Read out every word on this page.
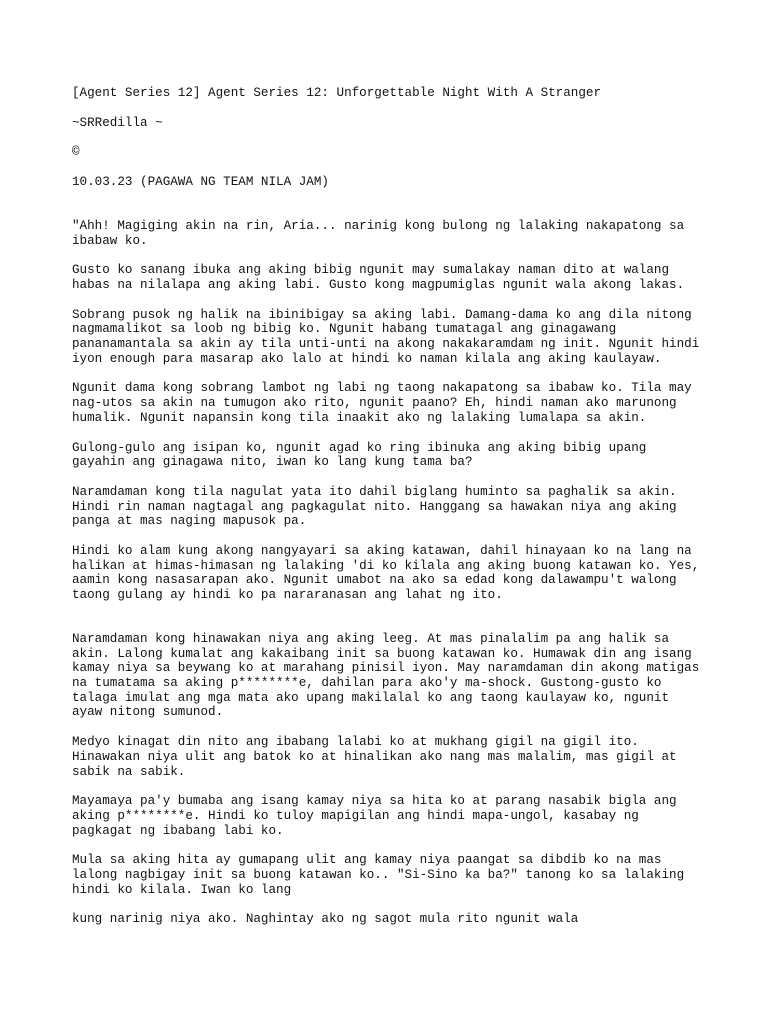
[Agent Series 12] Agent Series 12: Unforgettable Night With A Stranger

~SRRedilla ~

©

10.03.23 (PAGAWA NG TEAM NILA JAM)

"Ahh! Magiging akin na rin, Aria... narinig kong bulong ng lalaking nakapatong sa

ibabaw ko.

Gusto ko sanang ibuka ang aking bibig ngunit may sumalakay naman dito at walang

habas na nilalapa ang aking labi. Gusto kong magpumiglas ngunit wala akong lakas.

Sobrang pusok ng halik na ibinibigay sa aking labi. Damang-dama ko ang dila nitong

nagmamalikot sa loob ng bibig ko. Ngunit habang tumatagal ang ginagawang

pananamantala sa akin ay tila unti-unti na akong nakakaramdam ng init. Ngunit hindi

iyon enough para masarap ako lalo at hindi ko naman kilala ang aking kaulayaw.

Ngunit dama kong sobrang lambot ng labi ng taong nakapatong sa ibabaw ko. Tila may

nag-utos sa akin na tumugon ako rito, ngunit paano? Eh, hindi naman ako marunong

humalik. Ngunit napansin kong tila inaakit ako ng lalaking lumalapa sa akin.

Gulong-gulo ang isipan ko, ngunit agad ko ring ibinuka ang aking bibig upang

gayahin ang ginagawa nito, iwan ko lang kung tama ba?

Naramdaman kong tila nagulat yata ito dahil biglang huminto sa paghalik sa akin.

Hindi rin naman nagtagal ang pagkagulat nito. Hanggang sa hawakan niya ang aking

panga at mas naging mapusok pa.

Hindi ko alam kung akong nangyayari sa aking katawan, dahil hinayaan ko na lang na

halikan at himas-himasan ng lalaking 'di ko kilala ang aking buong katawan ko. Yes,

aamin kong nasasarapan ako. Ngunit umabot na ako sa edad kong dalawampu't walong

taong gulang ay hindi ko pa nararanasan ang lahat ng ito.

Naramdaman kong hinawakan niya ang aking leeg. At mas pinalalim pa ang halik sa

akin. Lalong kumalat ang kakaibang init sa buong katawan ko. Humawak din ang isang

kamay niya sa beywang ko at marahang pinisil iyon. May naramdaman din akong matigas

na tumatama sa aking p********e, dahilan para ako'y ma-shock. Gustong-gusto ko

talaga imulat ang mga mata ako upang makilalal ko ang taong kaulayaw ko, ngunit

ayaw nitong sumunod.

Medyo kinagat din nito ang ibabang lalabi ko at mukhang gigil na gigil ito.

Hinawakan niya ulit ang batok ko at hinalikan ako nang mas malalim, mas gigil at

sabik na sabik.

Mayamaya pa'y bumaba ang isang kamay niya sa hita ko at parang nasabik bigla ang

aking p********e. Hindi ko tuloy mapigilan ang hindi mapa-ungol, kasabay ng

pagkagat ng ibabang labi ko.

Mula sa aking hita ay gumapang ulit ang kamay niya paangat sa dibdib ko na mas

lalong nagbigay init sa buong katawan ko.. "Si-Sino ka ba?" tanong ko sa lalaking

hindi ko kilala. Iwan ko lang

kung narinig niya ako. Naghintay ako ng sagot mula rito ngunit wala
